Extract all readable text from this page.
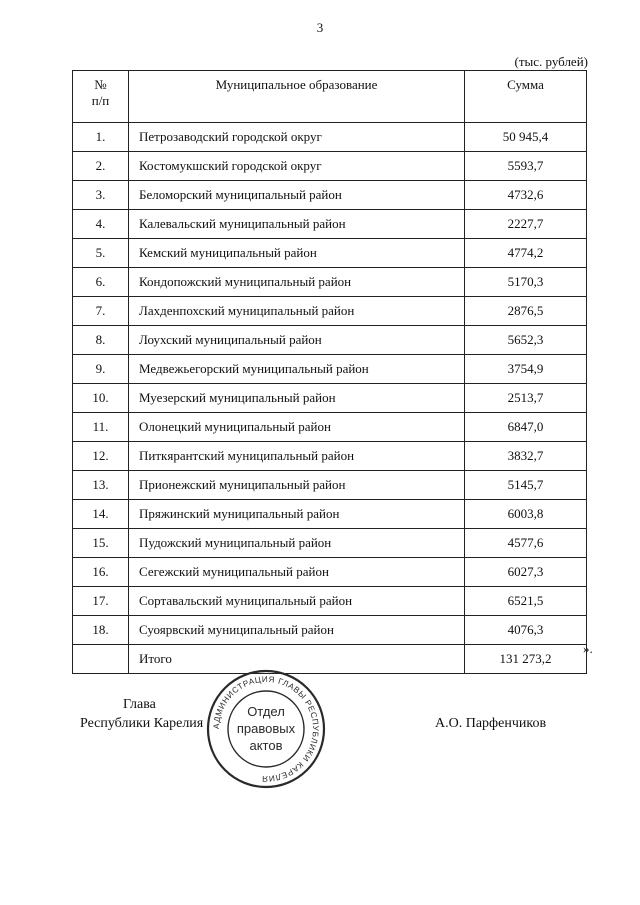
3
(тыс. рублей)
№
п/п	Муниципальное образование	Сумма
1.	Петрозаводский городской округ	50 945,4
2.	Костомукшский городской округ	5593,7
3.	Беломорский муниципальный район	4732,6
4.	Калевальский муниципальный район	2227,7
5.	Кемский муниципальный район	4774,2
6.	Кондопожский муниципальный район	5170,3
7.	Лахденпохский муниципальный район	2876,5
8.	Лоухский муниципальный район	5652,3
9.	Медвежьегорский муниципальный район	3754,9
10.	Муезерский муниципальный район	2513,7
11.	Олонецкий муниципальный район	6847,0
12.	Питкярантский муниципальный район	3832,7
13.	Прионежский муниципальный район	5145,7
14.	Пряжинский муниципальный район	6003,8
15.	Пудожский муниципальный район	4577,6
16.	Сегежский муниципальный район	6027,3
17.	Сортавальский муниципальный район	6521,5
18.	Суоярвский муниципальный район	4076,3
	Итого	131 273,2
».
Глава
Республики Карелия	А.О. Парфенчиков
АДМИНИСТРАЦИЯ ГЛАВЫ РЕСПУБЛИКИ КАРЕЛИЯ
Отдел
правовых
актов
